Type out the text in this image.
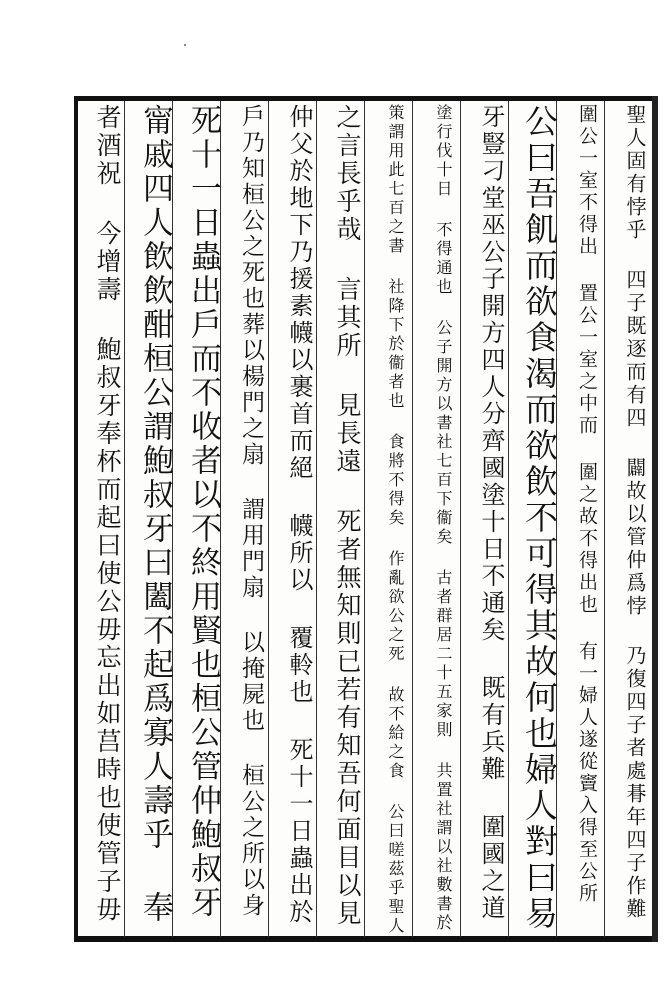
聖人固有悖乎 四子既逐而有四 闢故以管仲爲悖 乃復四子者處朞年四子作難
圍公一室不得出 置公一室之中而 圍之故不得出也 有一婦人遂從竇入得至公所
公曰吾飢而欲食渴而欲飲不可得其故何也婦人對曰易
牙豎刁堂巫公子開方四人分齊國塗十日不通矣 既有兵難 圍國之道
塗行伐十日 不得通也 公子開方以書社七百下衞矣 古者群居二十五家則 共置社謂以社數書於
策謂用此七百之書 社降下於衞者也 食將不得矣 作亂欲公之死 故不給之食 公曰嗟茲乎聖人
之言長乎哉 言其所 見長遠 死者無知則已若有知吾何面目以見
仲父於地下乃援素幭以裹首而絕 幭所以 覆軨也 死十一日蟲出於
戶乃知桓公之死也葬以楊門之扇 謂用門扇 以掩屍也 桓公之所以身
死十一日蟲出戶而不收者以不終用賢也桓公管仲鮑叔牙
甯戚四人飲飲酣桓公謂鮑叔牙曰闔不起爲寡人壽乎 奉
者酒祝 今增壽 鮑叔牙奉杯而起曰使公毋忘出如莒時也使管子毋
